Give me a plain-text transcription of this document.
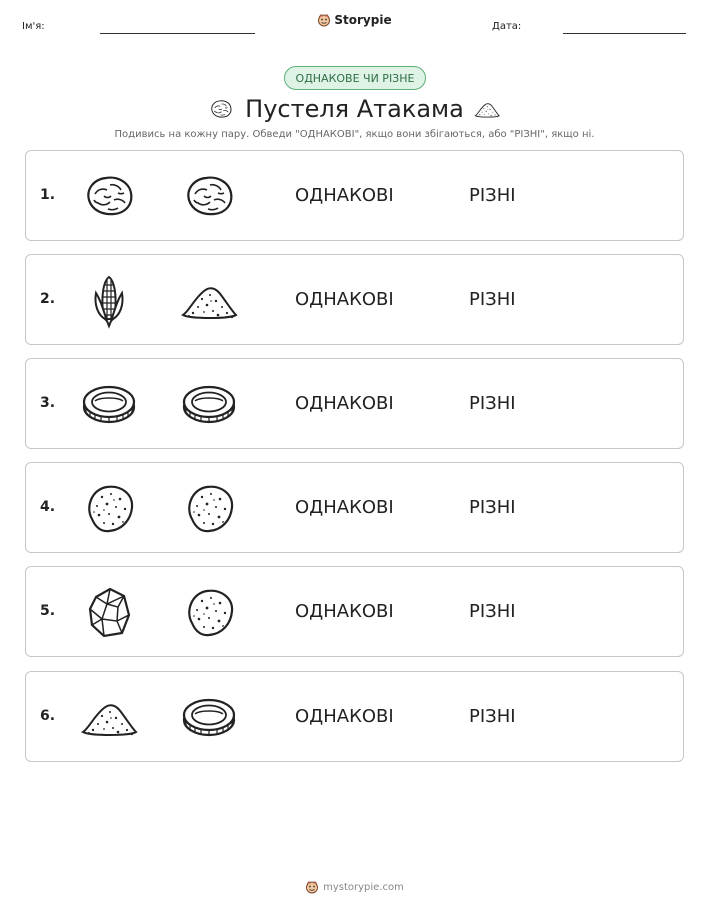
Ім'я:	Дата:
Storypie
ОДНАКОВЕ ЧИ РІЗНЕ
Пустеля Атакама
Подивись на кожну пару. Обведи "ОДНАКОВІ", якщо вони збігаються, або "РІЗНІ", якщо ні.
1.	ОДНАКОВІ	РІЗНІ
2.	ОДНАКОВІ	РІЗНІ
3.	ОДНАКОВІ	РІЗНІ
4.	ОДНАКОВІ	РІЗНІ
5.	ОДНАКОВІ	РІЗНІ
6.	ОДНАКОВІ	РІЗНІ
mystorypie.com
